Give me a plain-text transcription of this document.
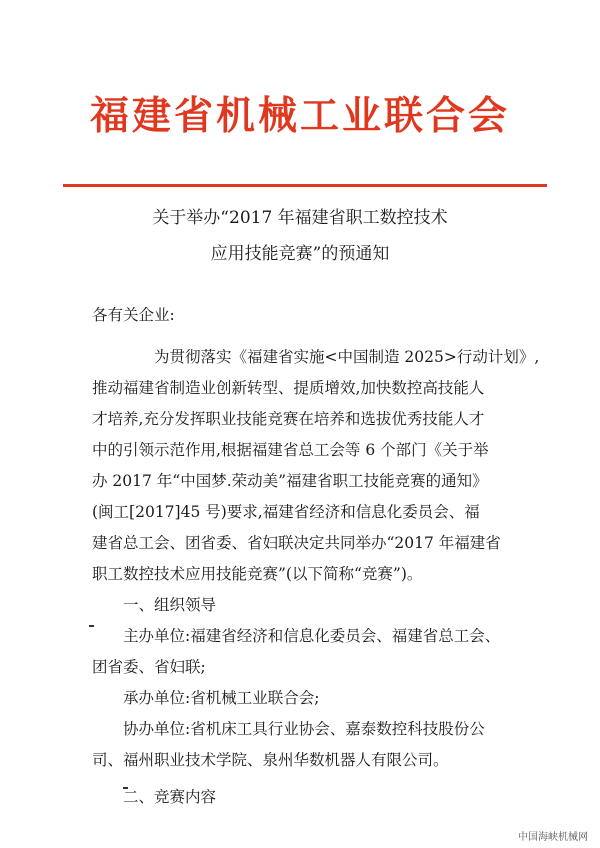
福建省机械工业联合会
关于举办“2017 年福建省职工数控技术
应用技能竞赛”的预通知

各有关企业:

为贯彻落实《福建省实施<中国制造 2025>行动计划》,
推动福建省制造业创新转型、提质增效,加快数控高技能人
才培养,充分发挥职业技能竞赛在培养和选拔优秀技能人才
中的引领示范作用,根据福建省总工会等 6 个部门《关于举
办 2017 年“中国梦.荣动美”福建省职工技能竞赛的通知》
(闽工[2017]45 号)要求,福建省经济和信息化委员会、福
建省总工会、团省委、省妇联决定共同举办“2017 年福建省
职工数控技术应用技能竞赛”(以下简称“竞赛”)。
一、组织领导
主办单位:福建省经济和信息化委员会、福建省总工会、
团省委、省妇联;
承办单位:省机械工业联合会;
协办单位:省机床工具行业协会、嘉泰数控科技股份公
司、福州职业技术学院、泉州华数机器人有限公司。
二、竞赛内容
中国海峡机械网
